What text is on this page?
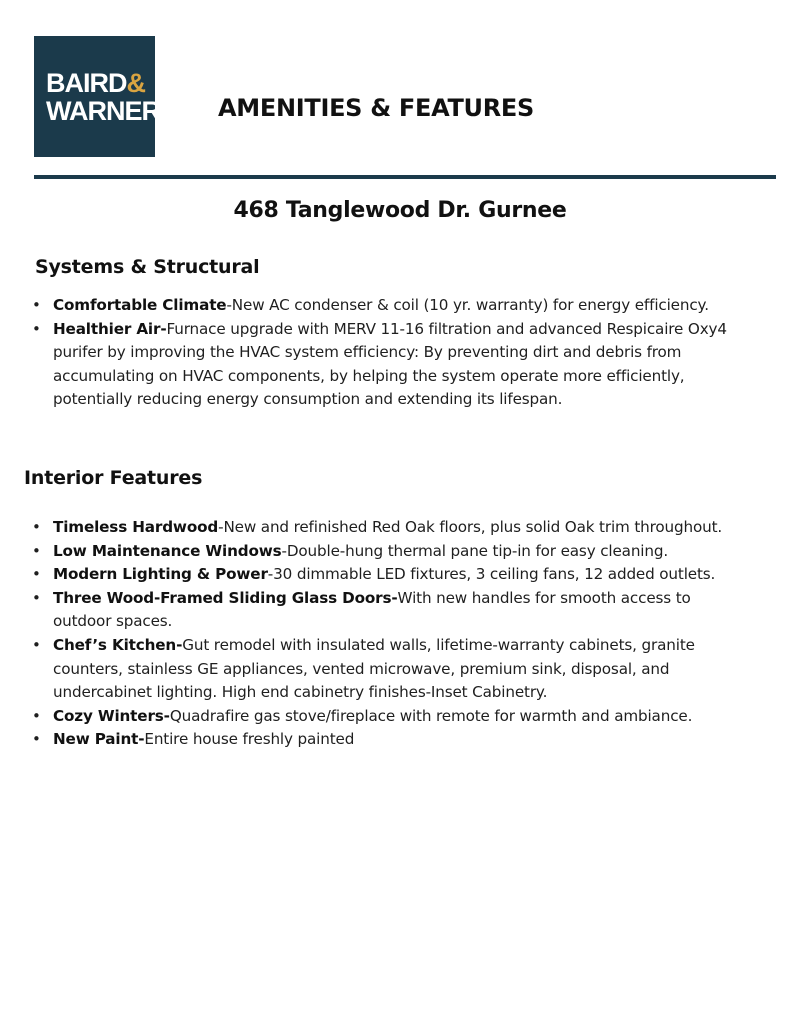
BAIRD&
WARNER AMENITIES & FEATURES
468 Tanglewood Dr. Gurnee
Systems & Structural
• Comfortable Climate-New AC condenser & coil (10 yr. warranty) for energy efficiency.
• Healthier Air-Furnace upgrade with MERV 11-16 filtration and advanced Respicaire Oxy4 purifer by improving the HVAC system efficiency: By preventing dirt and debris from accumulating on HVAC components, by helping the system operate more efficiently, potentially reducing energy consumption and extending its lifespan.
Interior Features
• Timeless Hardwood-New and refinished Red Oak floors, plus solid Oak trim throughout.
• Low Maintenance Windows-Double-hung thermal pane tip-in for easy cleaning.
• Modern Lighting & Power-30 dimmable LED fixtures, 3 ceiling fans, 12 added outlets.
• Three Wood-Framed Sliding Glass Doors-With new handles for smooth access to outdoor spaces.
• Chef’s Kitchen-Gut remodel with insulated walls, lifetime-warranty cabinets, granite counters, stainless GE appliances, vented microwave, premium sink, disposal, and undercabinet lighting. High end cabinetry finishes-Inset Cabinetry.
• Cozy Winters-Quadrafire gas stove/fireplace with remote for warmth and ambiance.
• New Paint-Entire house freshly painted
